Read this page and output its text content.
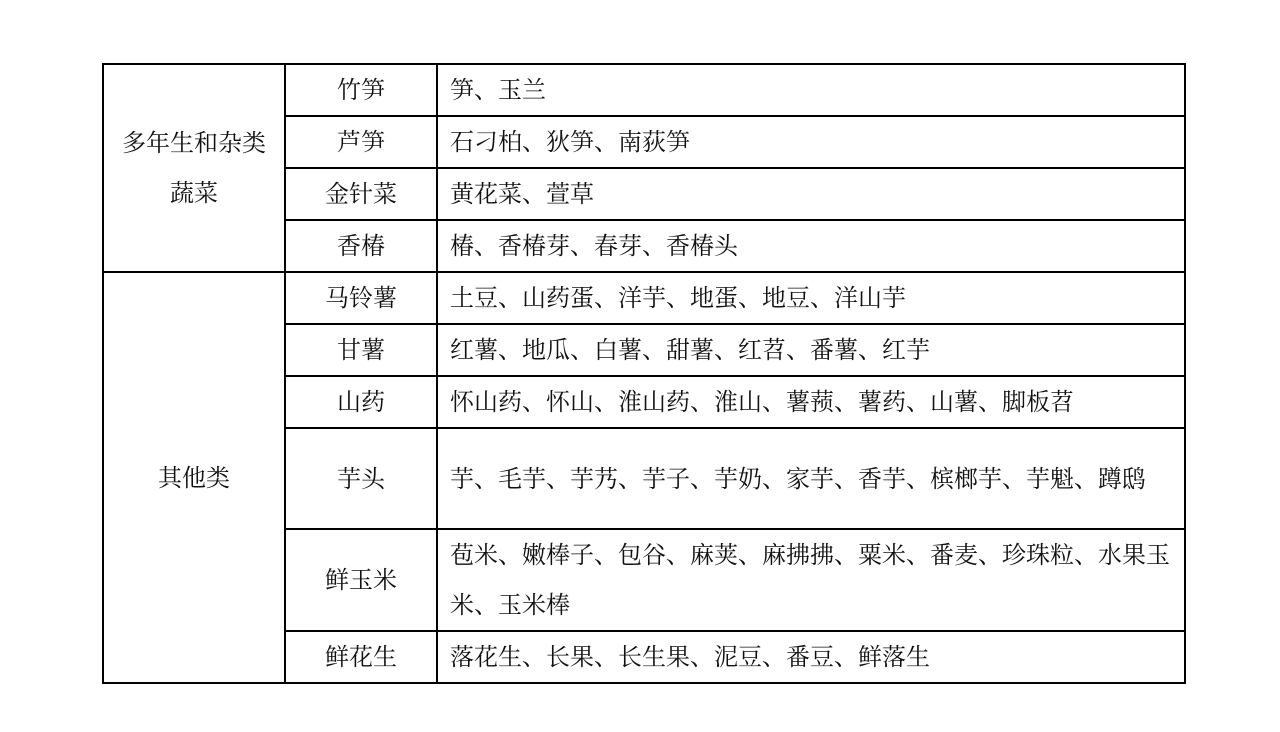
多年生和杂类蔬菜	竹笋	笋、玉兰
	芦笋	石刁柏、狄笋、南荻笋
	金针菜	黄花菜、萱草
	香椿	椿、香椿芽、春芽、香椿头
其他类	马铃薯	土豆、山药蛋、洋芋、地蛋、地豆、洋山芋
	甘薯	红薯、地瓜、白薯、甜薯、红苕、番薯、红芋
	山药	怀山药、怀山、淮山药、淮山、薯蓣、薯药、山薯、脚板苕
	芋头	芋、毛芋、芋艿、芋子、芋奶、家芋、香芋、槟榔芋、芋魁、蹲鸱
	鲜玉米	苞米、嫩棒子、包谷、麻荚、麻拂拂、粟米、番麦、珍珠粒、水果玉米、玉米棒
	鲜花生	落花生、长果、长生果、泥豆、番豆、鲜落生
